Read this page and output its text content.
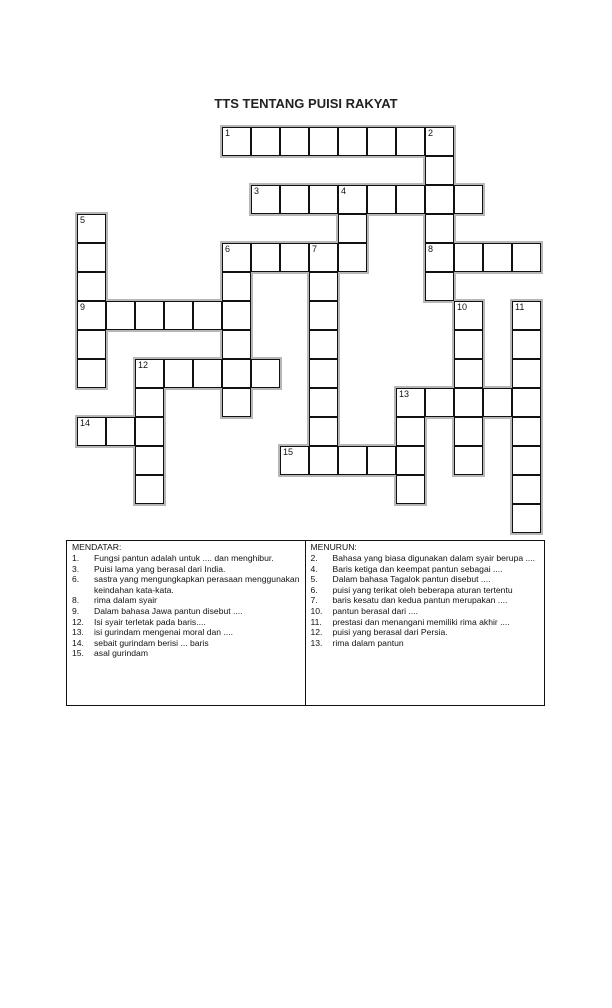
TTS TENTANG PUISI RAKYAT
1	2
3	4
5
6	7	8
9	10	11
12
13
14
15
MENDATAR:
1.	Fungsi pantun adalah untuk .... dan menghibur.
3.	Puisi lama yang berasal dari India.
6.	sastra yang mengungkapkan perasaan menggunakan keindahan kata-kata.
8.	rima dalam syair
9.	Dalam bahasa Jawa pantun disebut ....
12.	Isi syair terletak pada baris....
13.	isi gurindam mengenai moral dan ....
14.	sebait gurindam berisi ... baris
15.	asal gurindam
MENURUN:
2.	Bahasa yang biasa digunakan dalam syair berupa ....
4.	Baris ketiga dan keempat pantun sebagai ....
5.	Dalam bahasa Tagalok pantun disebut ....
6.	puisi yang terikat oleh beberapa aturan tertentu
7.	baris kesatu dan kedua pantun merupakan ....
10.	pantun berasal dari ....
11.	prestasi dan menangani memiliki rima akhir ....
12.	puisi yang berasal dari Persia.
13.	rima dalam pantun
